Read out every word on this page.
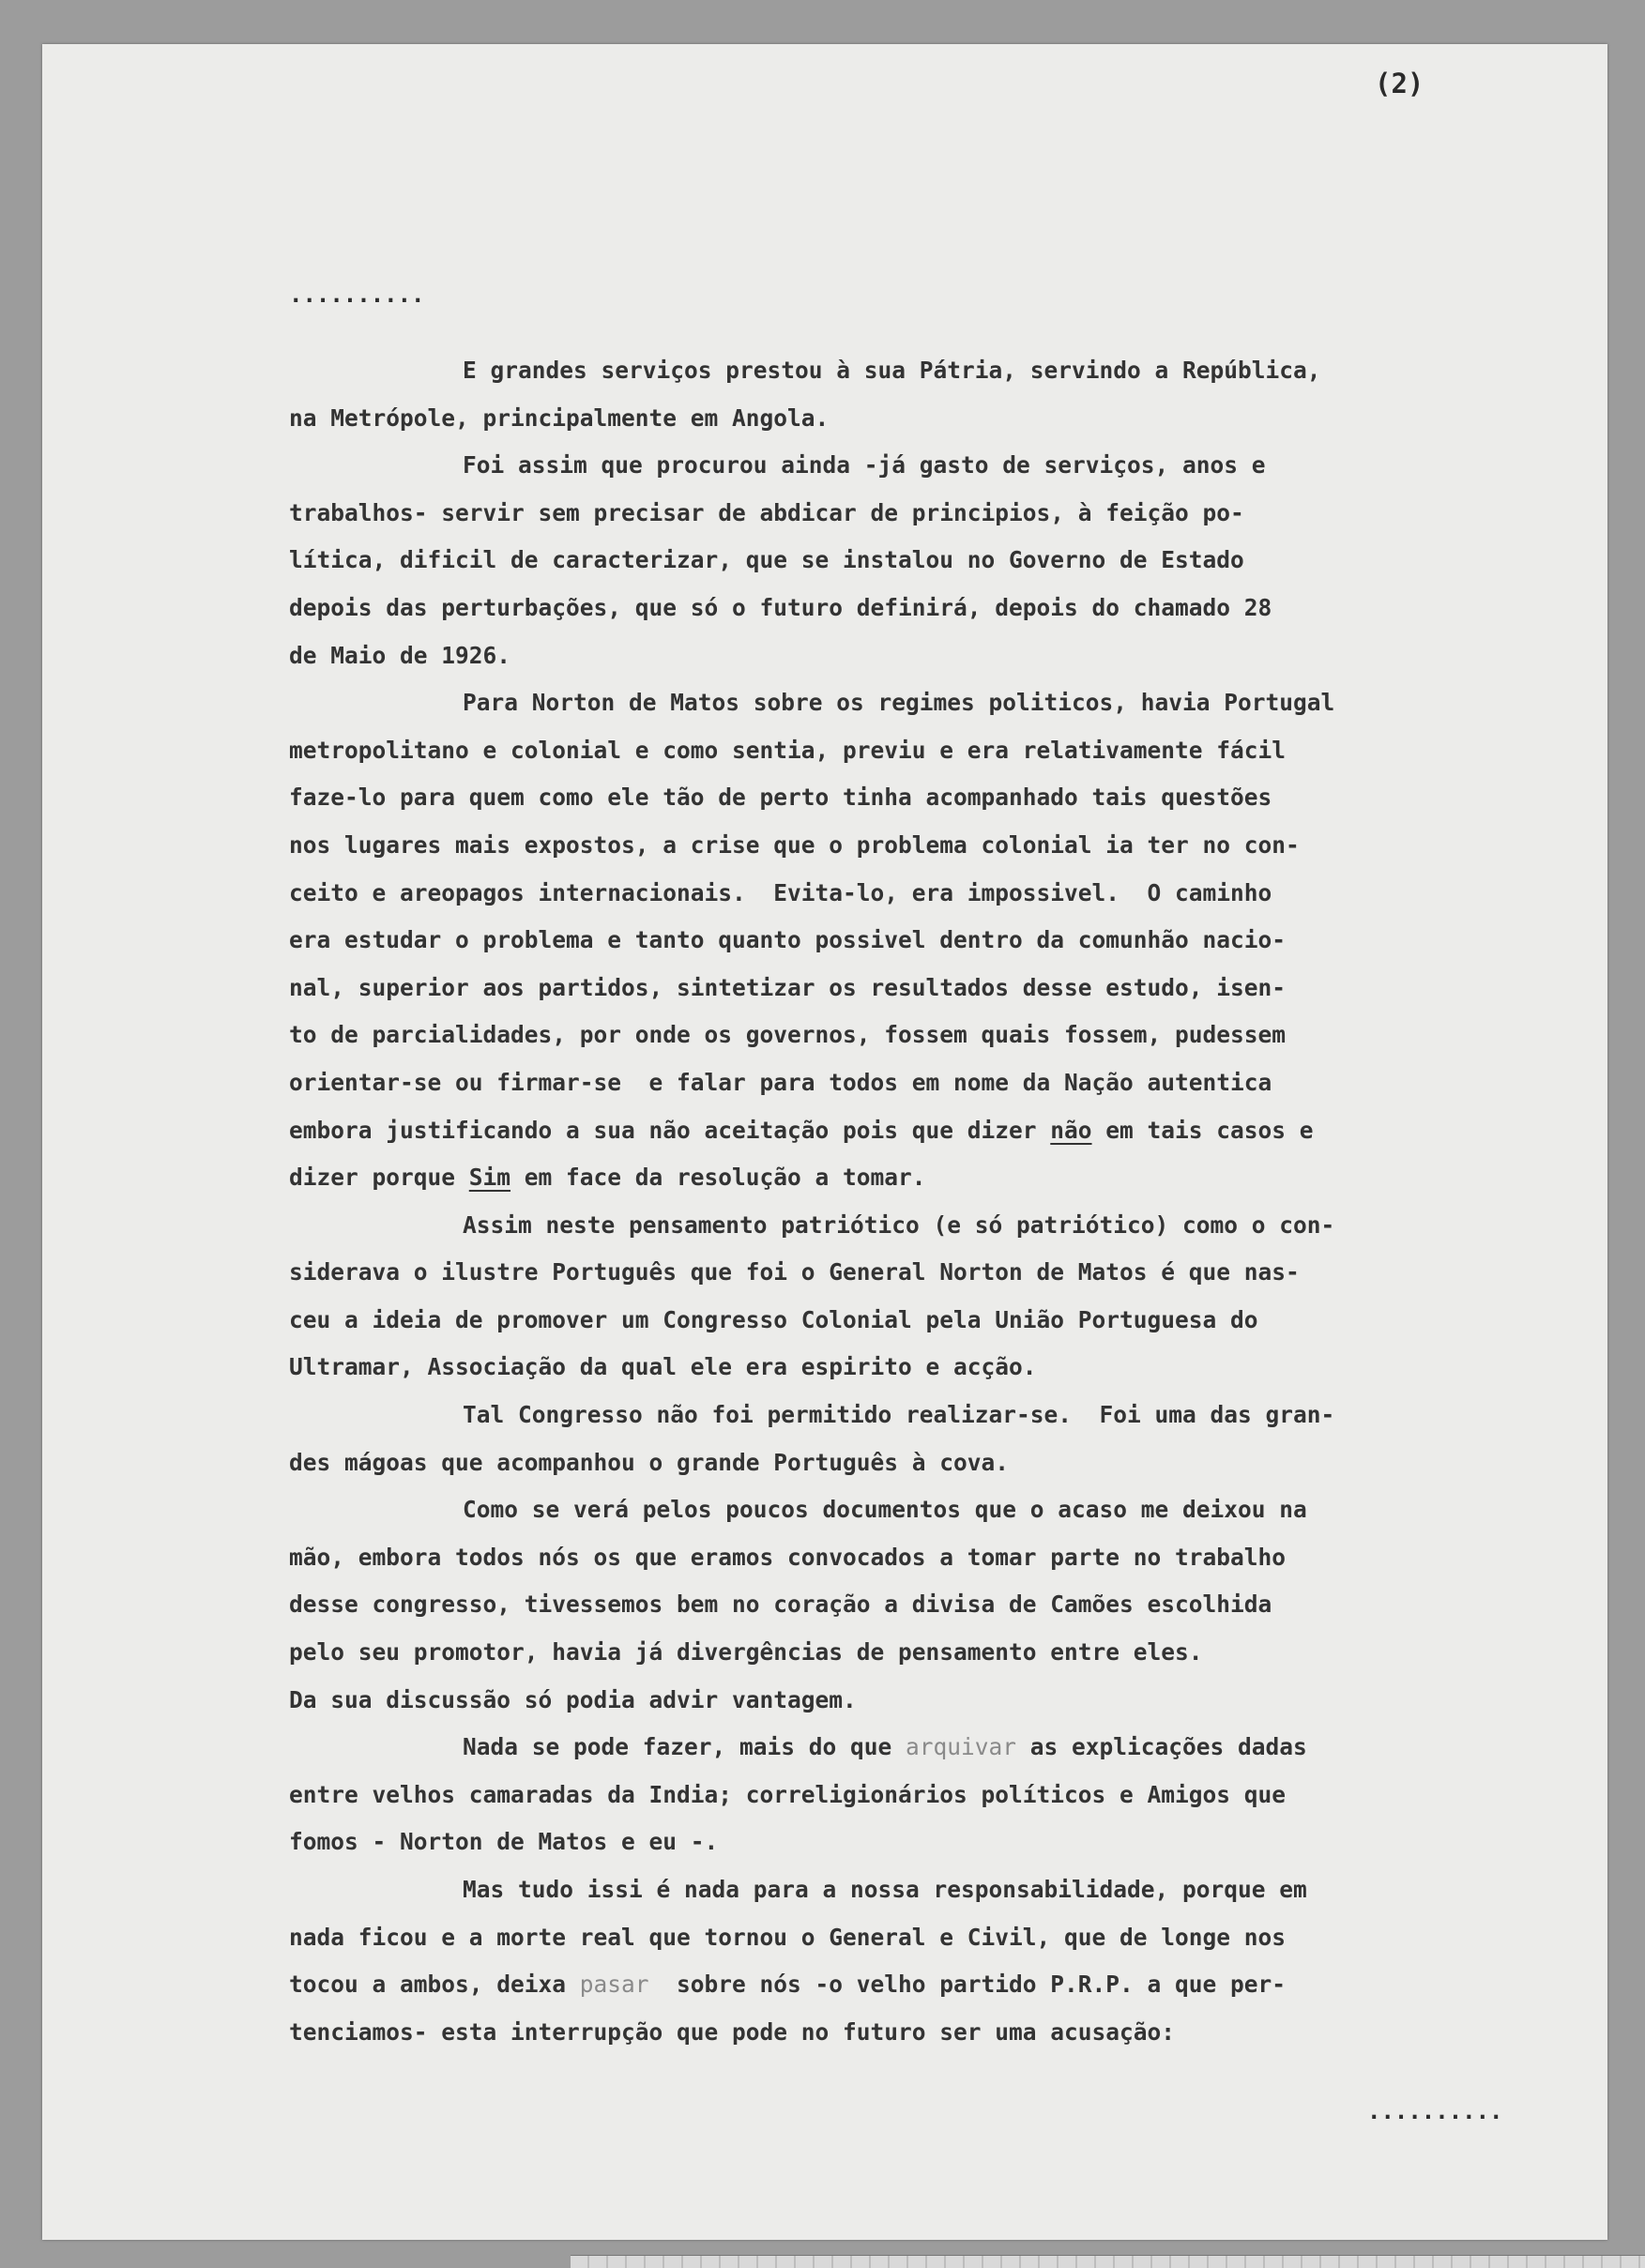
(2)
..........
E grandes serviços prestou à sua Pátria, servindo a República,
na Metrópole, principalmente em Angola.
Foi assim que procurou ainda -já gasto de serviços, anos e
trabalhos- servir sem precisar de abdicar de principios, à feição po-
lítica, dificil de caracterizar, que se instalou no Governo de Estado
depois das perturbações, que só o futuro definirá, depois do chamado 28
de Maio de 1926.
Para Norton de Matos sobre os regimes politicos, havia Portugal
metropolitano e colonial e como sentia, previu e era relativamente fácil
faze-lo para quem como ele tão de perto tinha acompanhado tais questões
nos lugares mais expostos, a crise que o problema colonial ia ter no con-
ceito e areopagos internacionais.  Evita-lo, era impossivel.  O caminho
era estudar o problema e tanto quanto possivel dentro da comunhão nacio-
nal, superior aos partidos, sintetizar os resultados desse estudo, isen-
to de parcialidades, por onde os governos, fossem quais fossem, pudessem
orientar-se ou firmar-se  e falar para todos em nome da Nação autentica
embora justificando a sua não aceitação pois que dizer não em tais casos e
dizer porque Sim em face da resolução a tomar.
Assim neste pensamento patriótico (e só patriótico) como o con-
siderava o ilustre Português que foi o General Norton de Matos é que nas-
ceu a ideia de promover um Congresso Colonial pela União Portuguesa do
Ultramar, Associação da qual ele era espirito e acção.
Tal Congresso não foi permitido realizar-se.  Foi uma das gran-
des mágoas que acompanhou o grande Português à cova.
Como se verá pelos poucos documentos que o acaso me deixou na
mão, embora todos nós os que eramos convocados a tomar parte no trabalho
desse congresso, tivessemos bem no coração a divisa de Camões escolhida
pelo seu promotor, havia já divergências de pensamento entre eles.
Da sua discussão só podia advir vantagem.
Nada se pode fazer, mais do que arquivar as explicações dadas
entre velhos camaradas da India; correligionários políticos e Amigos que
fomos - Norton de Matos e eu -.
Mas tudo issi é nada para a nossa responsabilidade, porque em
nada ficou e a morte real que tornou o General e Civil, que de longe nos
tocou a ambos, deixa pasar  sobre nós -o velho partido P.R.P. a que per-
tenciamos- esta interrupção que pode no futuro ser uma acusação:
..........
